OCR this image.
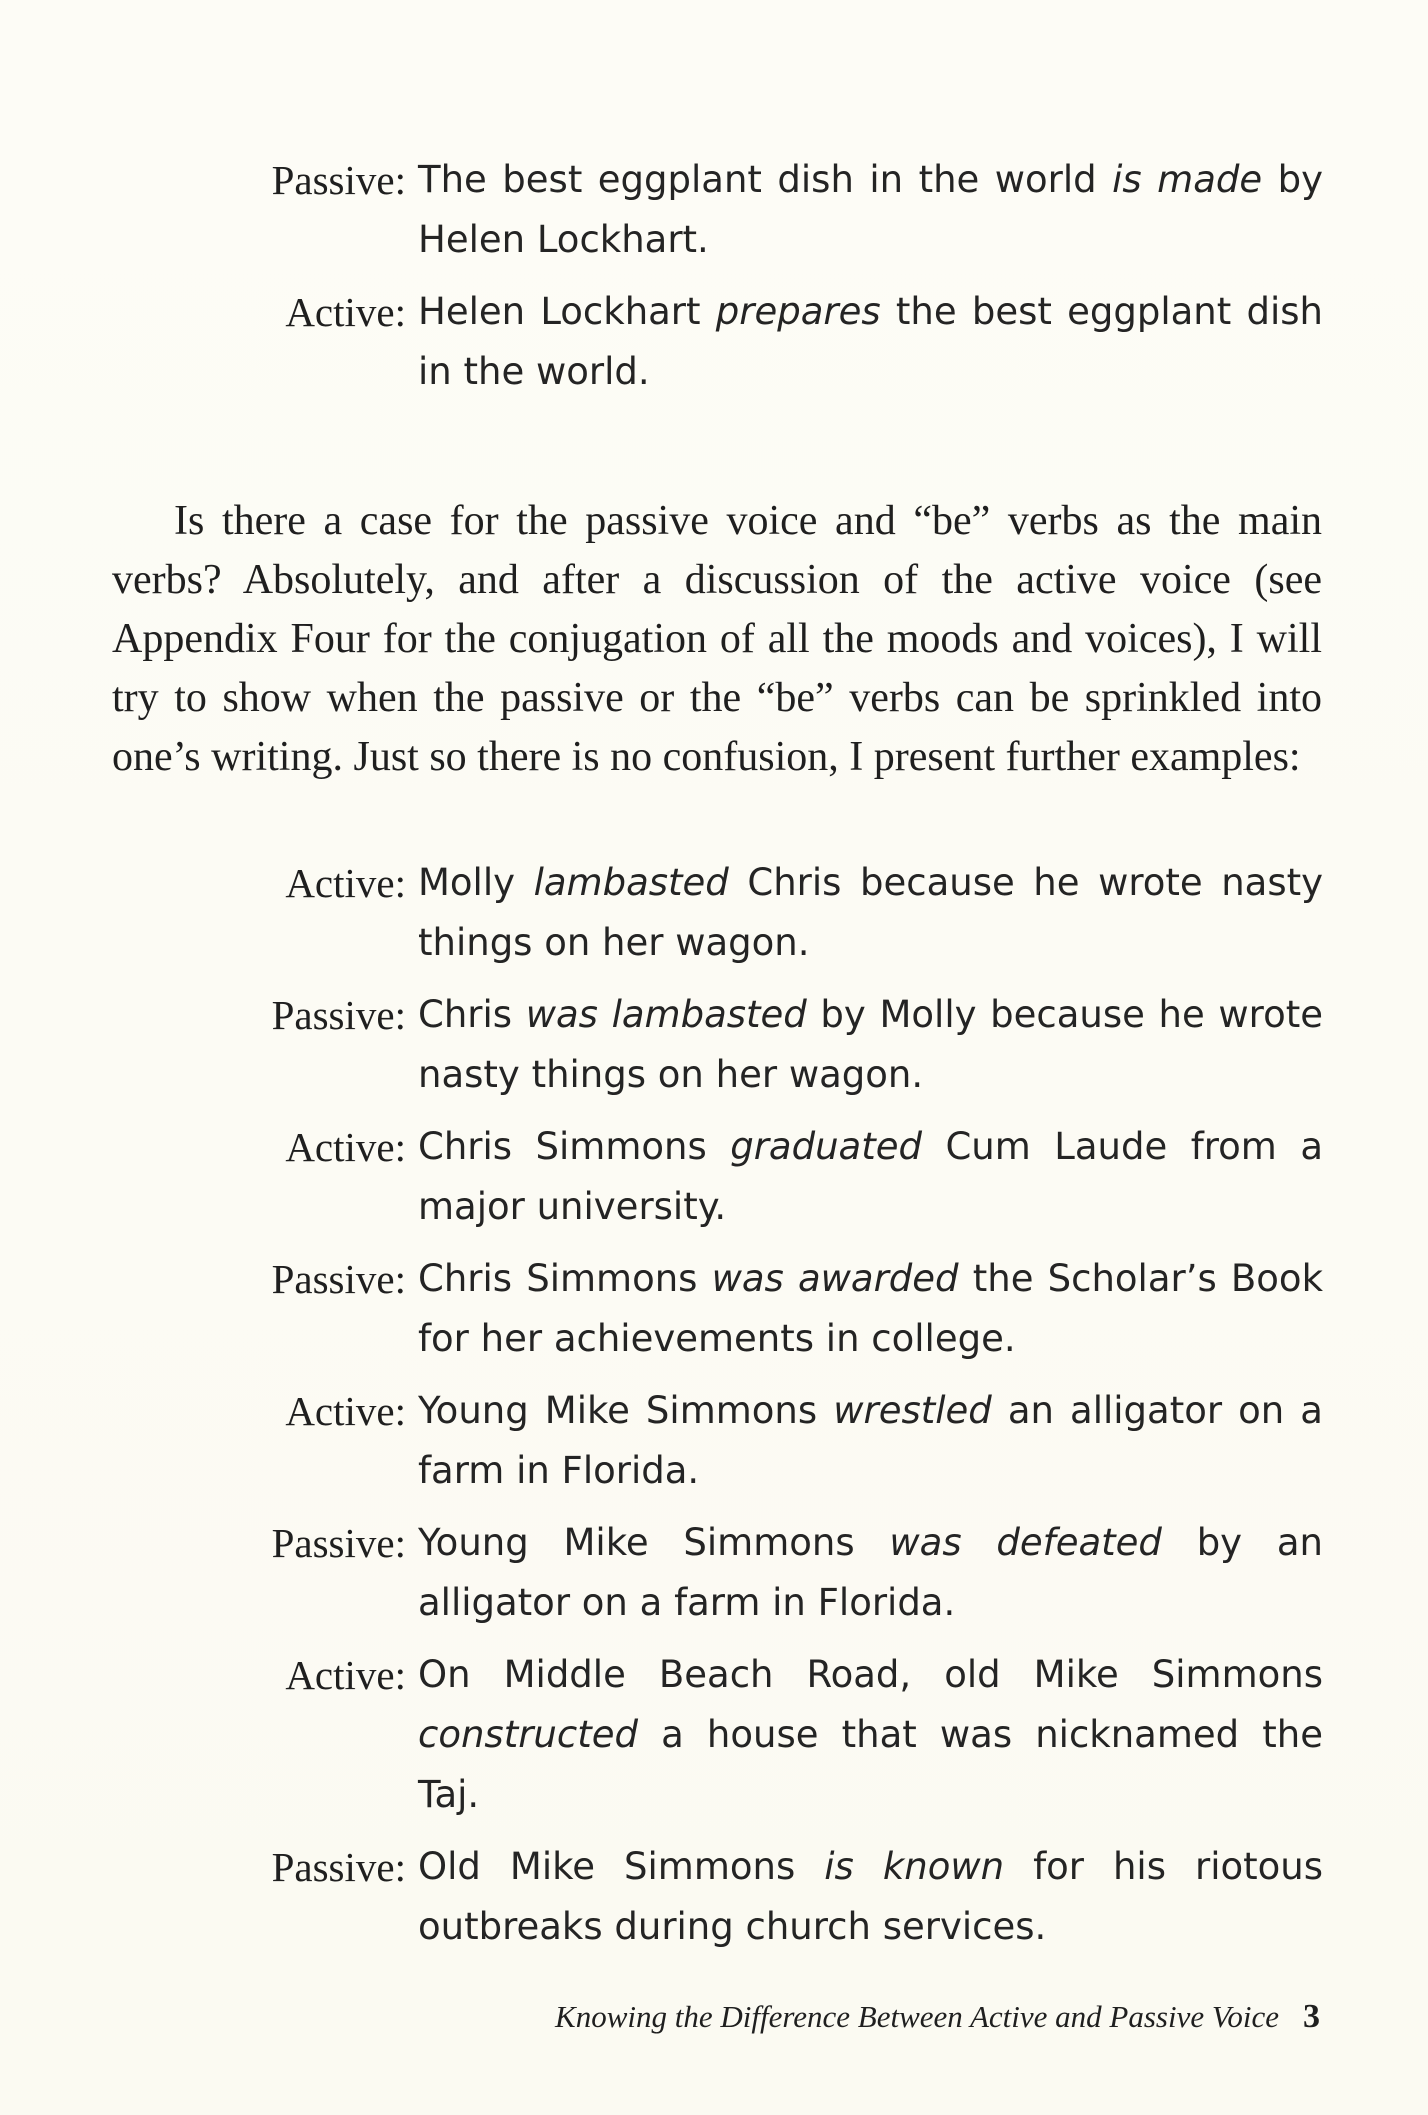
Passive: The best eggplant dish in the world is made by Helen Lockhart.
Active: Helen Lockhart prepares the best eggplant dish in the world.

Is there a case for the passive voice and “be” verbs as the main verbs? Absolutely, and after a discussion of the active voice (see Appendix Four for the conjugation of all the moods and voices), I will try to show when the passive or the “be” verbs can be sprinkled into one’s writing. Just so there is no confusion, I present further examples:

Active: Molly lambasted Chris because he wrote nasty things on her wagon.
Passive: Chris was lambasted by Molly because he wrote nasty things on her wagon.
Active: Chris Simmons graduated Cum Laude from a major university.
Passive: Chris Simmons was awarded the Scholar’s Book for her achievements in college.
Active: Young Mike Simmons wrestled an alligator on a farm in Florida.
Passive: Young Mike Simmons was defeated by an alligator on a farm in Florida.
Active: On Middle Beach Road, old Mike Simmons constructed a house that was nicknamed the Taj.
Passive: Old Mike Simmons is known for his riotous outbreaks during church services.
Knowing the Difference Between Active and Passive Voice 3
